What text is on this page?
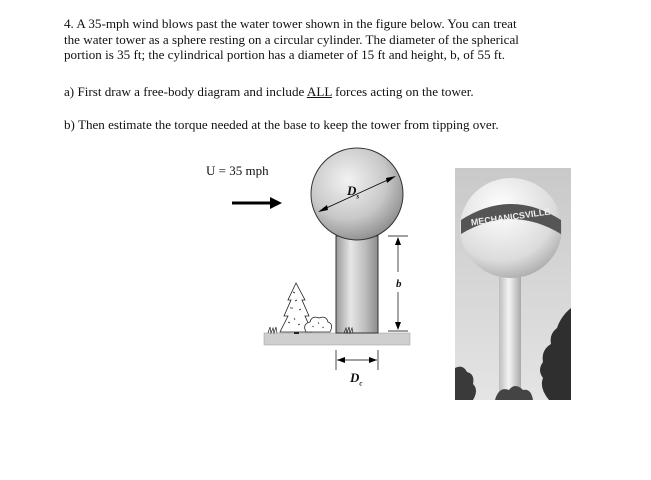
4. A 35-mph wind blows past the water tower shown in the figure below. You can treat

the water tower as a sphere resting on a circular cylinder. The diameter of the spherical

portion is 35 ft; the cylindrical portion has a diameter of 15 ft and height, b, of 55 ft.

a) First draw a free-body diagram and include ALL forces acting on the tower.
b) Then estimate the torque needed at the base to keep the tower from tipping over.
U = 35 mph
$D_s$
b
$D_c$
MECHANICSVILLE
